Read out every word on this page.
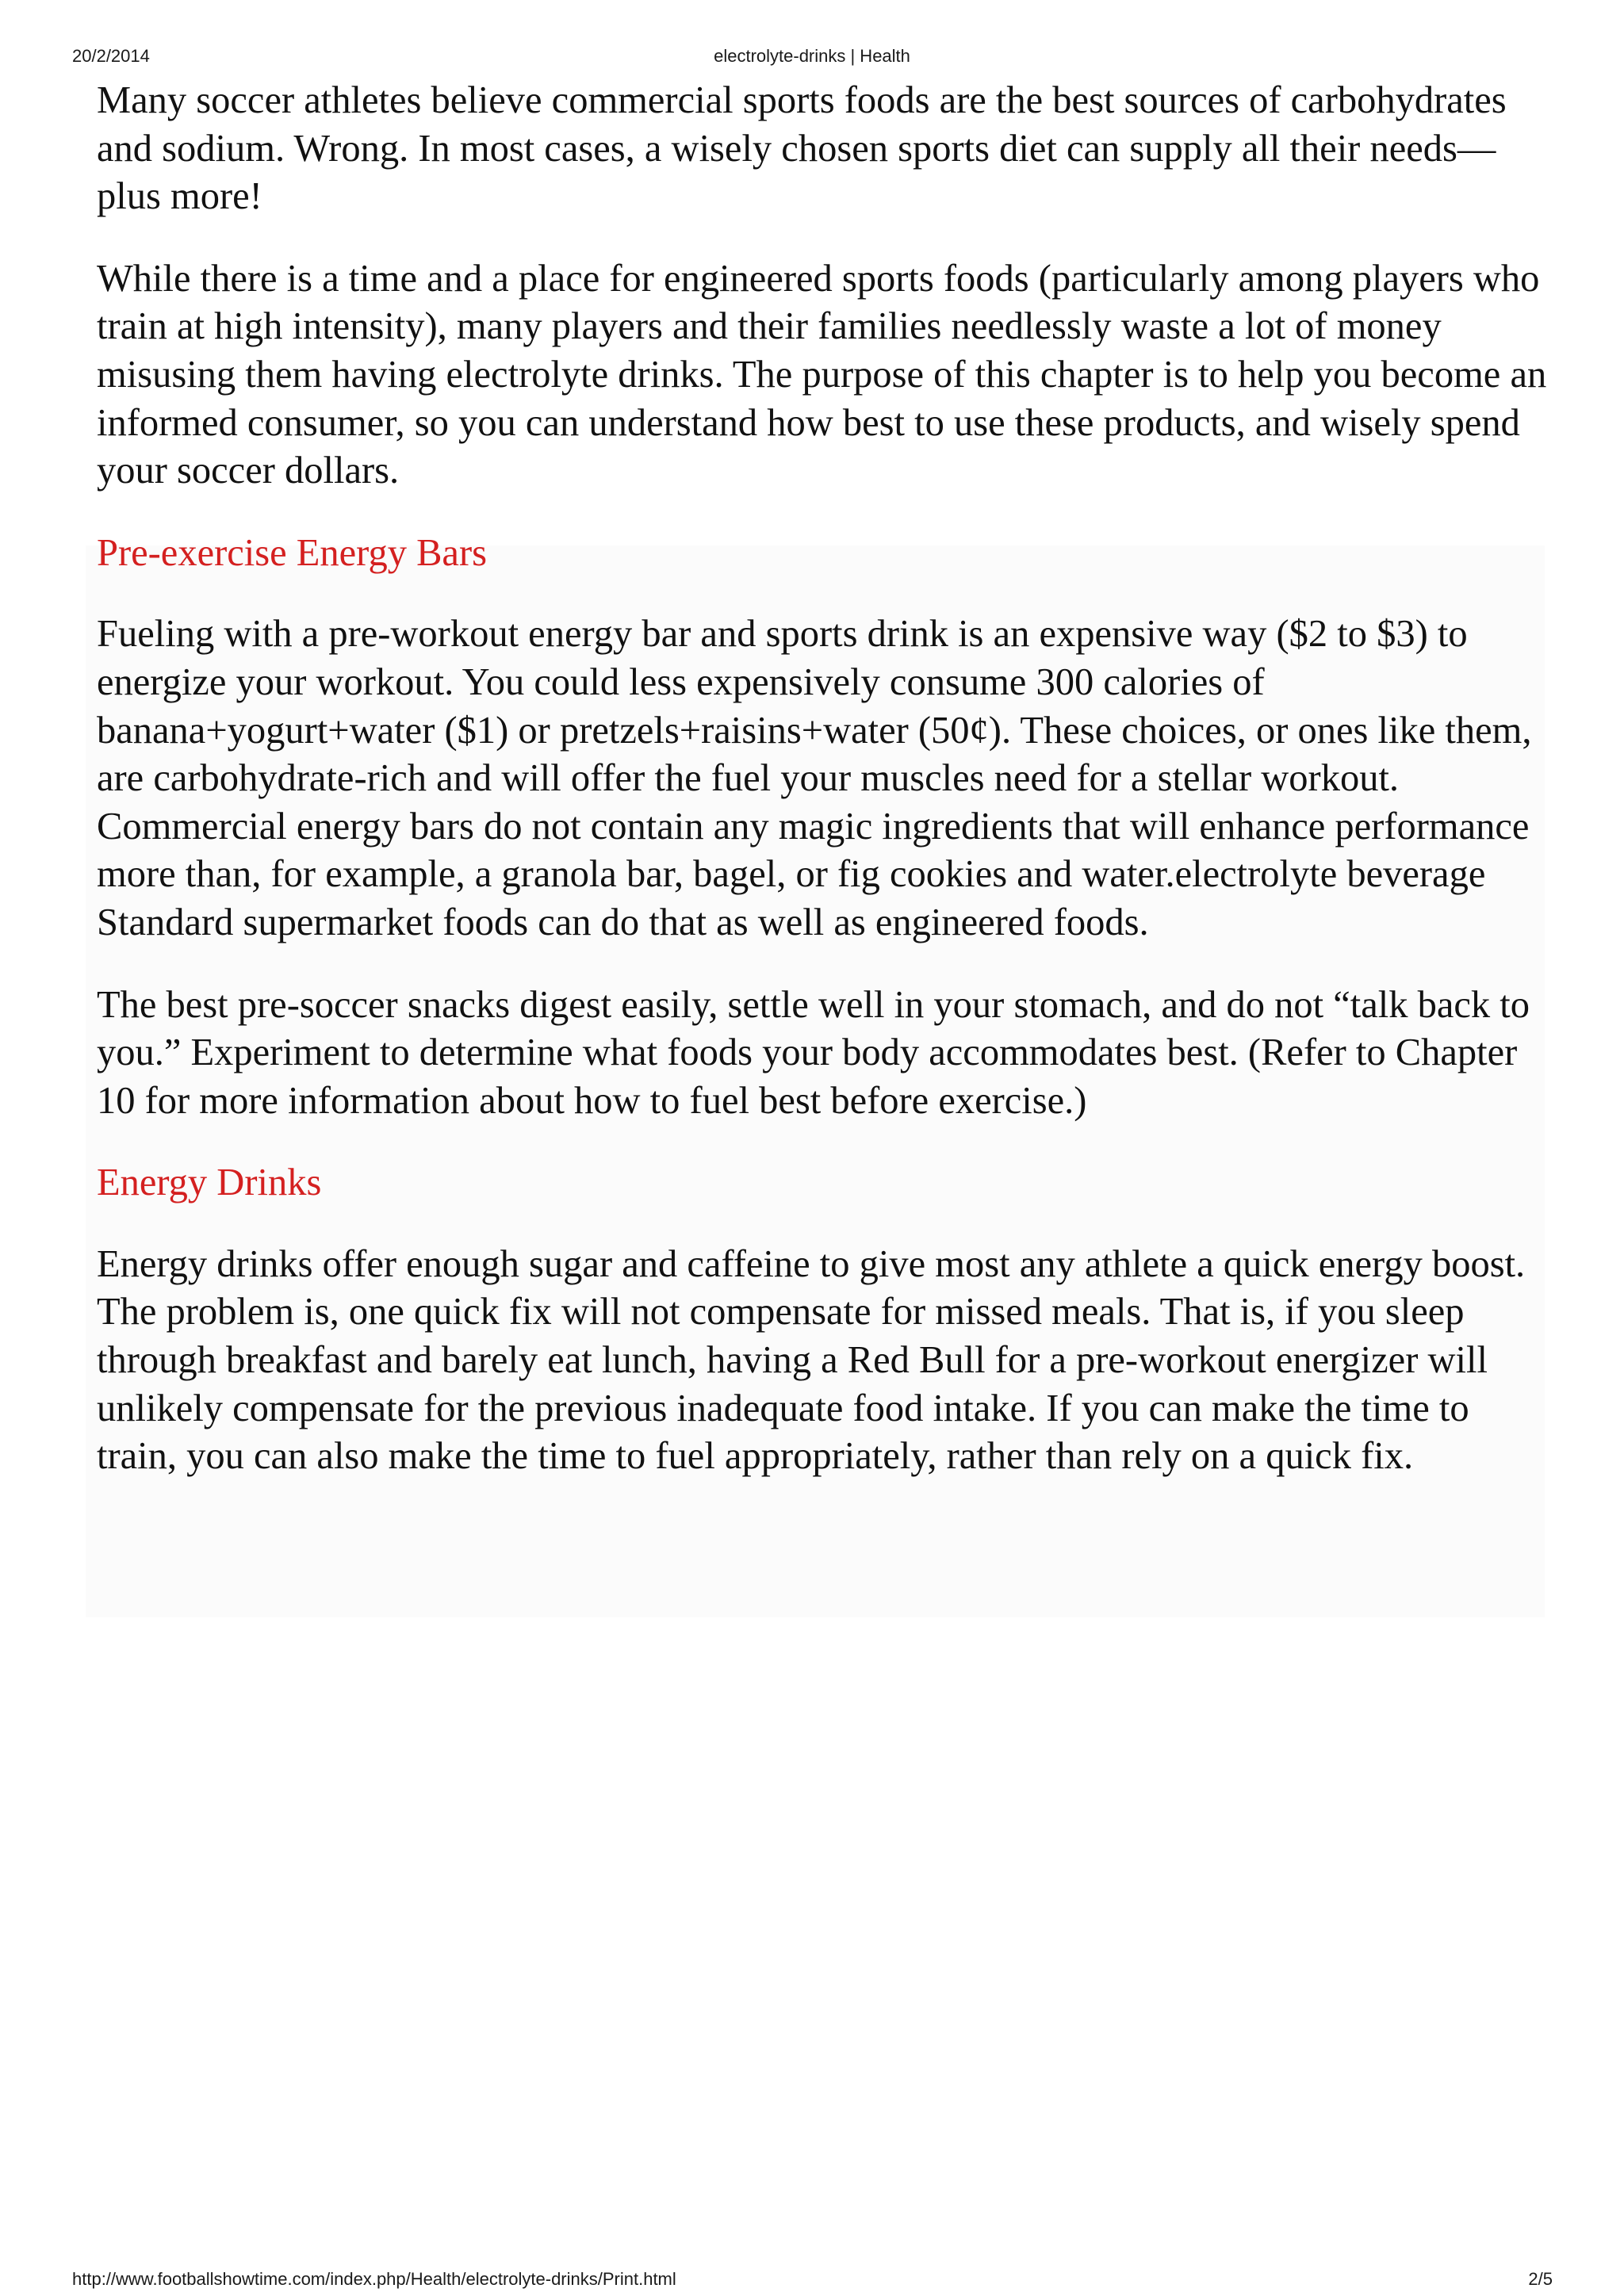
20/2/2014	electrolyte-drinks | Health

Many soccer athletes believe commercial sports foods are the best sources of carbohydrates and sodium. Wrong. In most cases, a wisely chosen sports diet can supply all their needs—plus more!

While there is a time and a place for engineered sports foods (particularly among players who train at high intensity), many players and their families needlessly waste a lot of money misusing them having electrolyte drinks. The purpose of this chapter is to help you become an informed consumer, so you can understand how best to use these products, and wisely spend your soccer dollars.

Pre-exercise Energy Bars

Fueling with a pre-workout energy bar and sports drink is an expensive way ($2 to $3) to energize your workout. You could less expensively consume 300 calories of banana+yogurt+water ($1) or pretzels+raisins+water (50¢). These choices, or ones like them, are carbohydrate-rich and will offer the fuel your muscles need for a stellar workout. Commercial energy bars do not contain any magic ingredients that will enhance performance more than, for example, a granola bar, bagel, or fig cookies and water.electrolyte beverage Standard supermarket foods can do that as well as engineered foods.

The best pre-soccer snacks digest easily, settle well in your stomach, and do not “talk back to you.” Experiment to determine what foods your body accommodates best. (Refer to Chapter 10 for more information about how to fuel best before exercise.)

Energy Drinks

Energy drinks offer enough sugar and caffeine to give most any athlete a quick energy boost. The problem is, one quick fix will not compensate for missed meals. That is, if you sleep through breakfast and barely eat lunch, having a Red Bull for a pre-workout energizer will unlikely compensate for the previous inadequate food intake. If you can make the time to train, you can also make the time to fuel appropriately, rather than rely on a quick fix.

http://www.footballshowtime.com/index.php/Health/electrolyte-drinks/Print.html	2/5
